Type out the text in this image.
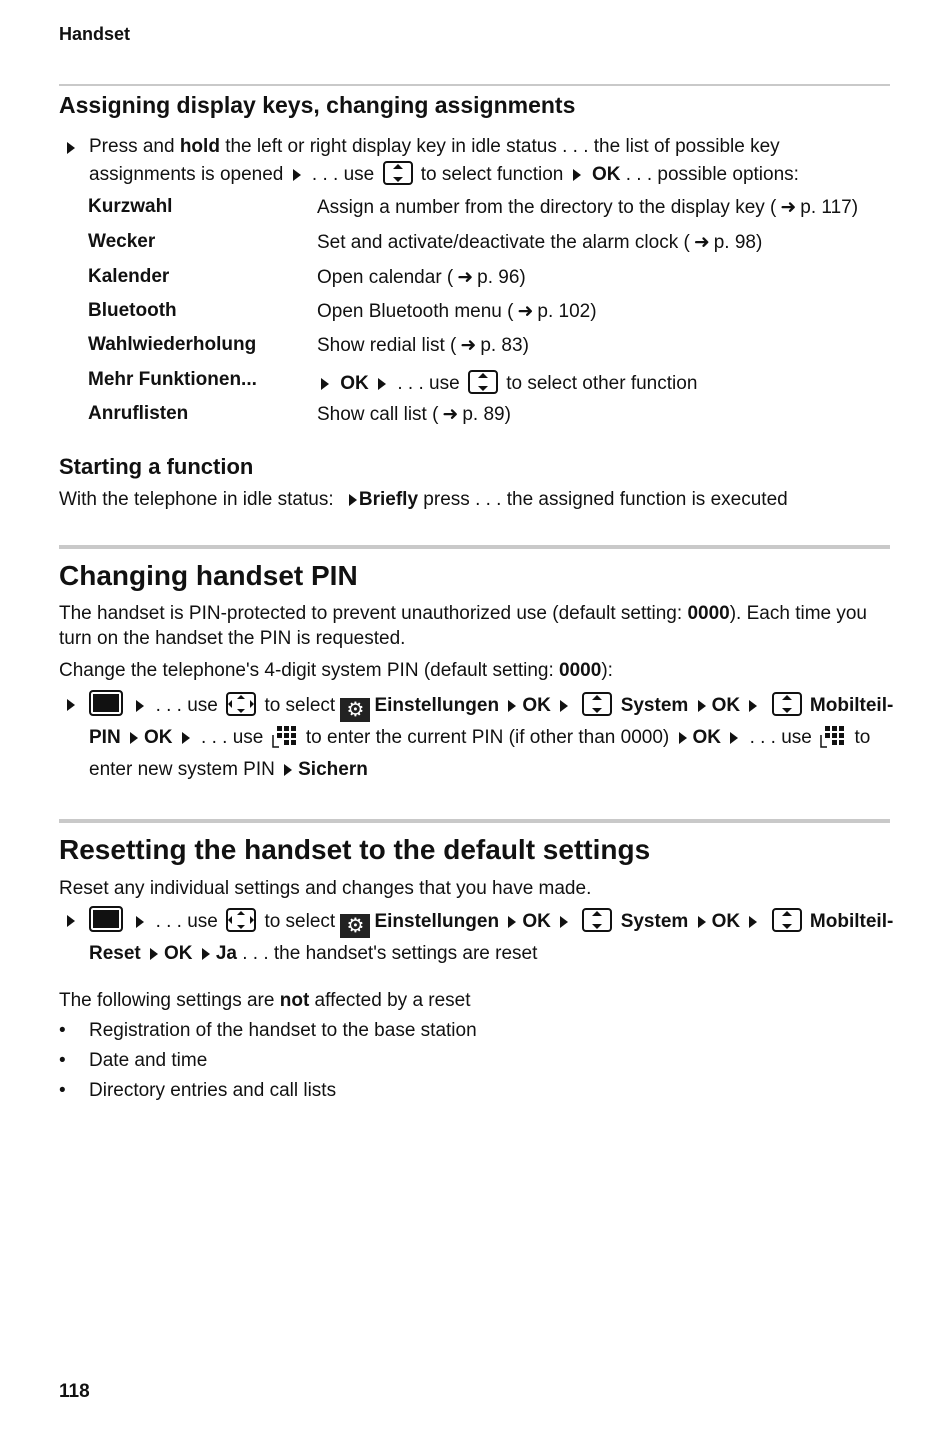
Handset
Assigning display keys, changing assignments
Press and hold the left or right display key in idle status . . . the list of possible key
assignments is opened . . . use to select function OK . . . possible options:
Kurzwahl	Assign a number from the directory to the display key ( ➜ p. 117)
Wecker	Set and activate/deactivate the alarm clock ( ➜ p. 98)
Kalender	Open calendar ( ➜ p. 96)
Bluetooth	Open Bluetooth menu ( ➜ p. 102)
Wahlwiederholung	Show redial list ( ➜ p. 83)
Mehr Funktionen...	OK . . . use to select other function
Anruflisten	Show call list ( ➜ p. 89)
Starting a function

With the telephone in idle status: Briefly press . . . the assigned function is executed

Changing handset PIN

The handset is PIN-protected to prevent unauthorized use (default setting: 0000). Each time you
turn on the handset the PIN is requested.

Change the telephone's 4-digit system PIN (default setting: 0000):

. . . use to select ⚙ Einstellungen OK	System OK	Mobilteil-
PIN OK . . . use to enter the current PIN (if other than 0000) OK . . . use to
enter new system PIN Sichern
Resetting the handset to the default settings

Reset any individual settings and changes that you have made.

. . . use to select ⚙ Einstellungen OK	System OK	Mobilteil-
Reset OK Ja . . . the handset's settings are reset

The following settings are not affected by a reset

• Registration of the handset to the base station
• Date and time
• Directory entries and call lists
118
